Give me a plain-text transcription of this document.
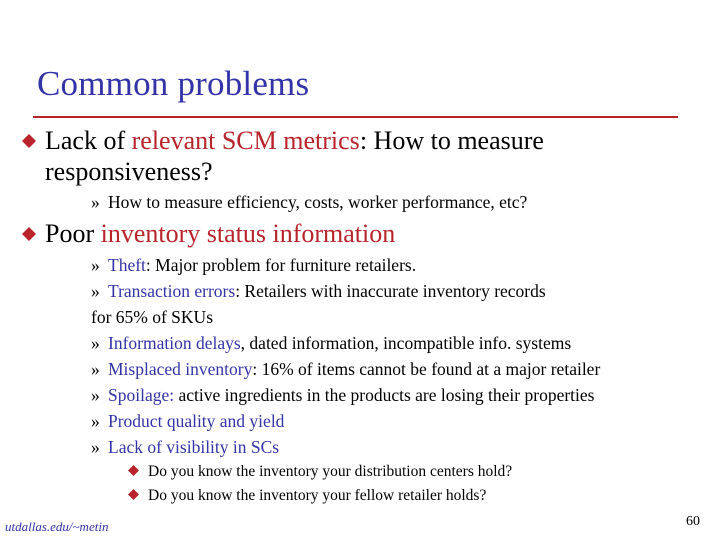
Common problems
Lack of relevant SCM metrics: How to measure
responsiveness?
» How to measure efficiency, costs, worker performance, etc?
Poor inventory status information
» Theft: Major problem for furniture retailers.
» Transaction errors: Retailers with inaccurate inventory records
for 65% of SKUs
» Information delays, dated information, incompatible info. systems
» Misplaced inventory: 16% of items cannot be found at a major retailer
» Spoilage: active ingredients in the products are losing their properties
» Product quality and yield
» Lack of visibility in SCs
Do you know the inventory your distribution centers hold?
Do you know the inventory your fellow retailer holds?
utdallas.edu/~metin	60
